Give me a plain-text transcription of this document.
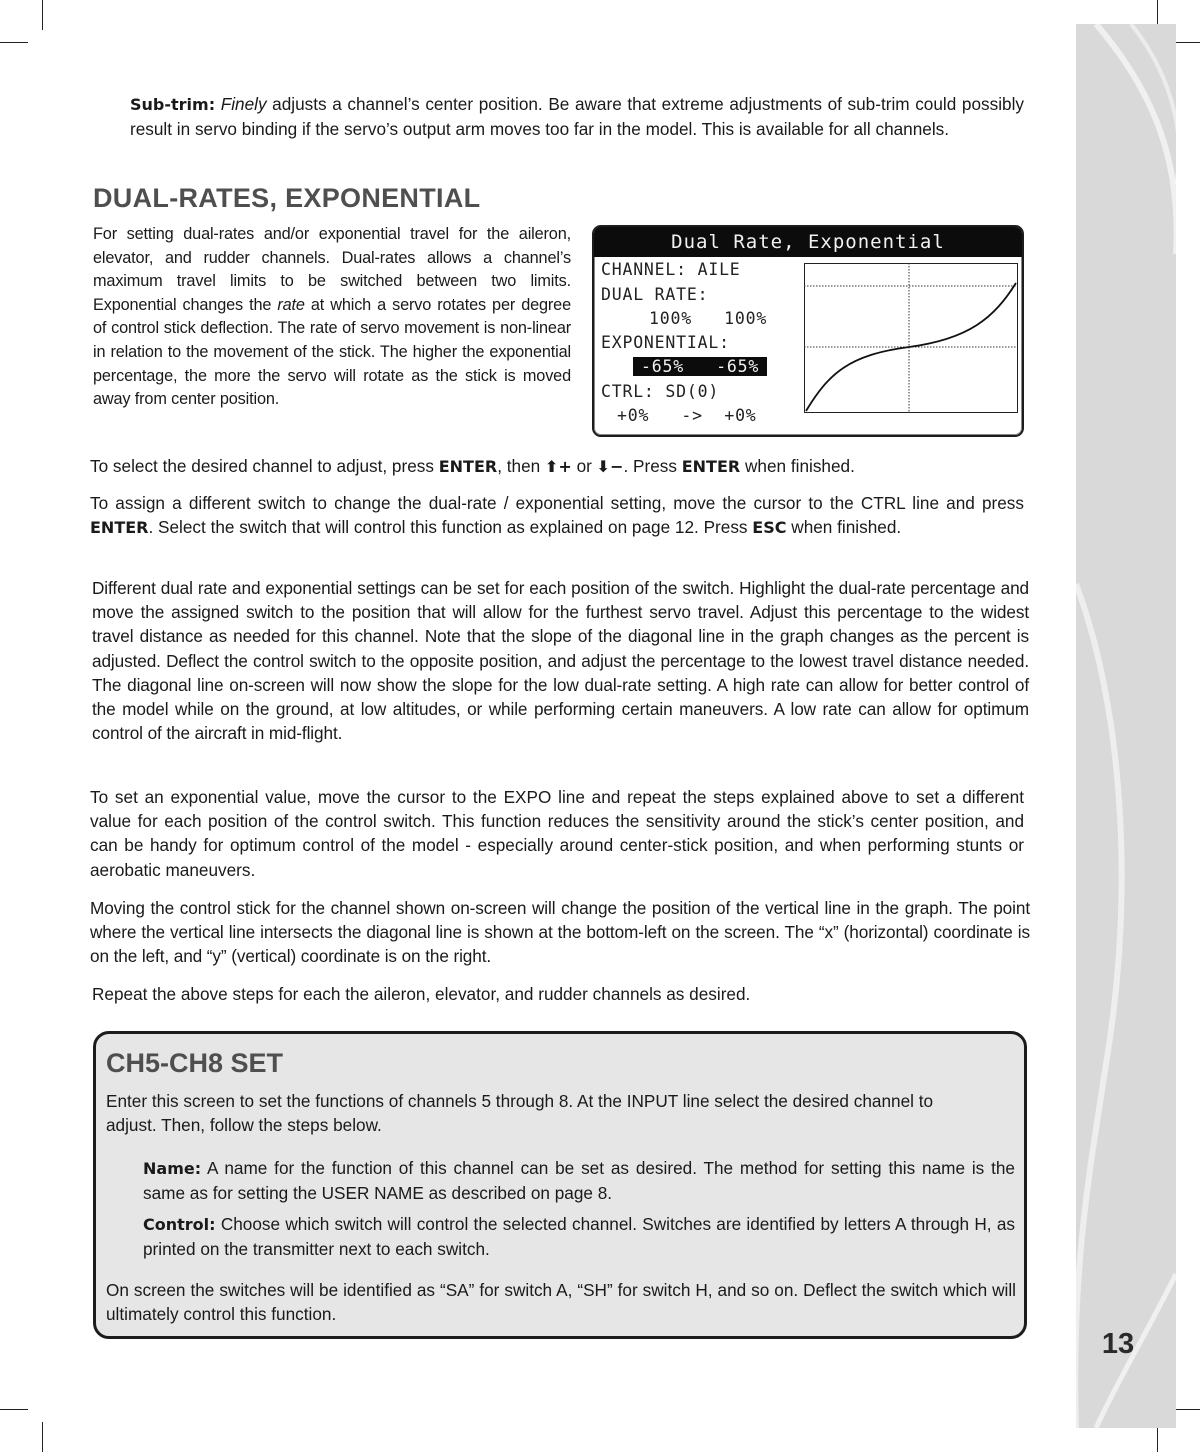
13

Sub-trim: Finely adjusts a channel’s center position. Be aware that extreme adjustments of sub-trim could possibly result in servo binding if the servo’s output arm moves too far in the model. This is available for all channels.

DUAL-RATES, EXPONENTIAL

For setting dual-rates and/or exponential travel for the aileron, elevator, and rudder channels. Dual-rates allows a channel’s maximum travel limits to be switched between two limits. Exponential changes the rate at which a servo rotates per degree of control stick deflection. The rate of servo movement is non-linear in relation to the movement of the stick. The higher the exponential percentage, the more the servo will rotate as the stick is moved away from center position.

Dual Rate, Exponential
CHANNEL: AILE
DUAL RATE:
100%   100%
EXPONENTIAL:
-65%   -65%
CTRL: SD(0)
+0%   ->  +0%

To select the desired channel to adjust, press ENTER, then ⬆+ or ⬇−. Press ENTER when finished.

To assign a different switch to change the dual-rate / exponential setting, move the cursor to the CTRL line and press ENTER. Select the switch that will control this function as explained on page 12. Press ESC when finished.

Different dual rate and exponential settings can be set for each position of the switch. Highlight the dual-rate percentage and move the assigned switch to the position that will allow for the furthest servo travel. Adjust this percentage to the widest travel distance as needed for this channel. Note that the slope of the diagonal line in the graph changes as the percent is adjusted. Deflect the control switch to the opposite position, and adjust the percentage to the lowest travel distance needed. The diagonal line on-screen will now show the slope for the low dual-rate setting. A high rate can allow for better control of the model while on the ground, at low altitudes, or while performing certain maneuvers. A low rate can allow for optimum control of the aircraft in mid-flight.

To set an exponential value, move the cursor to the EXPO line and repeat the steps explained above to set a different value for each position of the control switch. This function reduces the sensitivity around the stick’s center position, and can be handy for optimum control of the model - especially around center-stick position, and when performing stunts or aerobatic maneuvers.

Moving the control stick for the channel shown on-screen will change the position of the vertical line in the graph. The point where the vertical line intersects the diagonal line is shown at the bottom-left on the screen. The “x” (horizontal) coordinate is on the left, and “y” (vertical) coordinate is on the right.

Repeat the above steps for each the aileron, elevator, and rudder channels as desired.

CH5-CH8 SET

Enter this screen to set the functions of channels 5 through 8. At the INPUT line select the desired channel to adjust. Then, follow the steps below.

Name: A name for the function of this channel can be set as desired. The method for setting this name is the same as for setting the USER NAME as described on page 8.

Control: Choose which switch will control the selected channel. Switches are identified by letters A through H, as printed on the transmitter next to each switch.

On screen the switches will be identified as “SA” for switch A, “SH” for switch H, and so on. Deflect the switch which will ultimately control this function.
